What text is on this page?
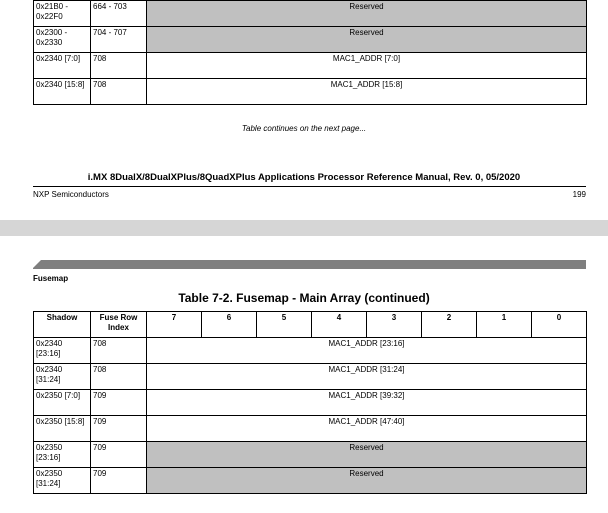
0x21B0 - 0x22F0	664 - 703	Reserved
0x2300 - 0x2330	704 - 707	Reserved
0x2340 [7:0]	708	MAC1_ADDR [7:0]
0x2340 [15:8]	708	MAC1_ADDR [15:8]
Table continues on the next page...
i.MX 8DualX/8DualXPlus/8QuadXPlus Applications Processor Reference Manual, Rev. 0, 05/2020
NXP Semiconductors	199
Fusemap
Table 7-2. Fusemap - Main Array (continued)
Shadow	Fuse Row Index	7	6	5	4	3	2	1	0
0x2340 [23:16]	708	MAC1_ADDR [23:16]							
0x2340 [31:24]	708	MAC1_ADDR [31:24]							
0x2350 [7:0]	709	MAC1_ADDR [39:32]							
0x2350 [15:8]	709	MAC1_ADDR [47:40]							
0x2350 [23:16]	709	Reserved							
0x2350 [31:24]	709	Reserved							
